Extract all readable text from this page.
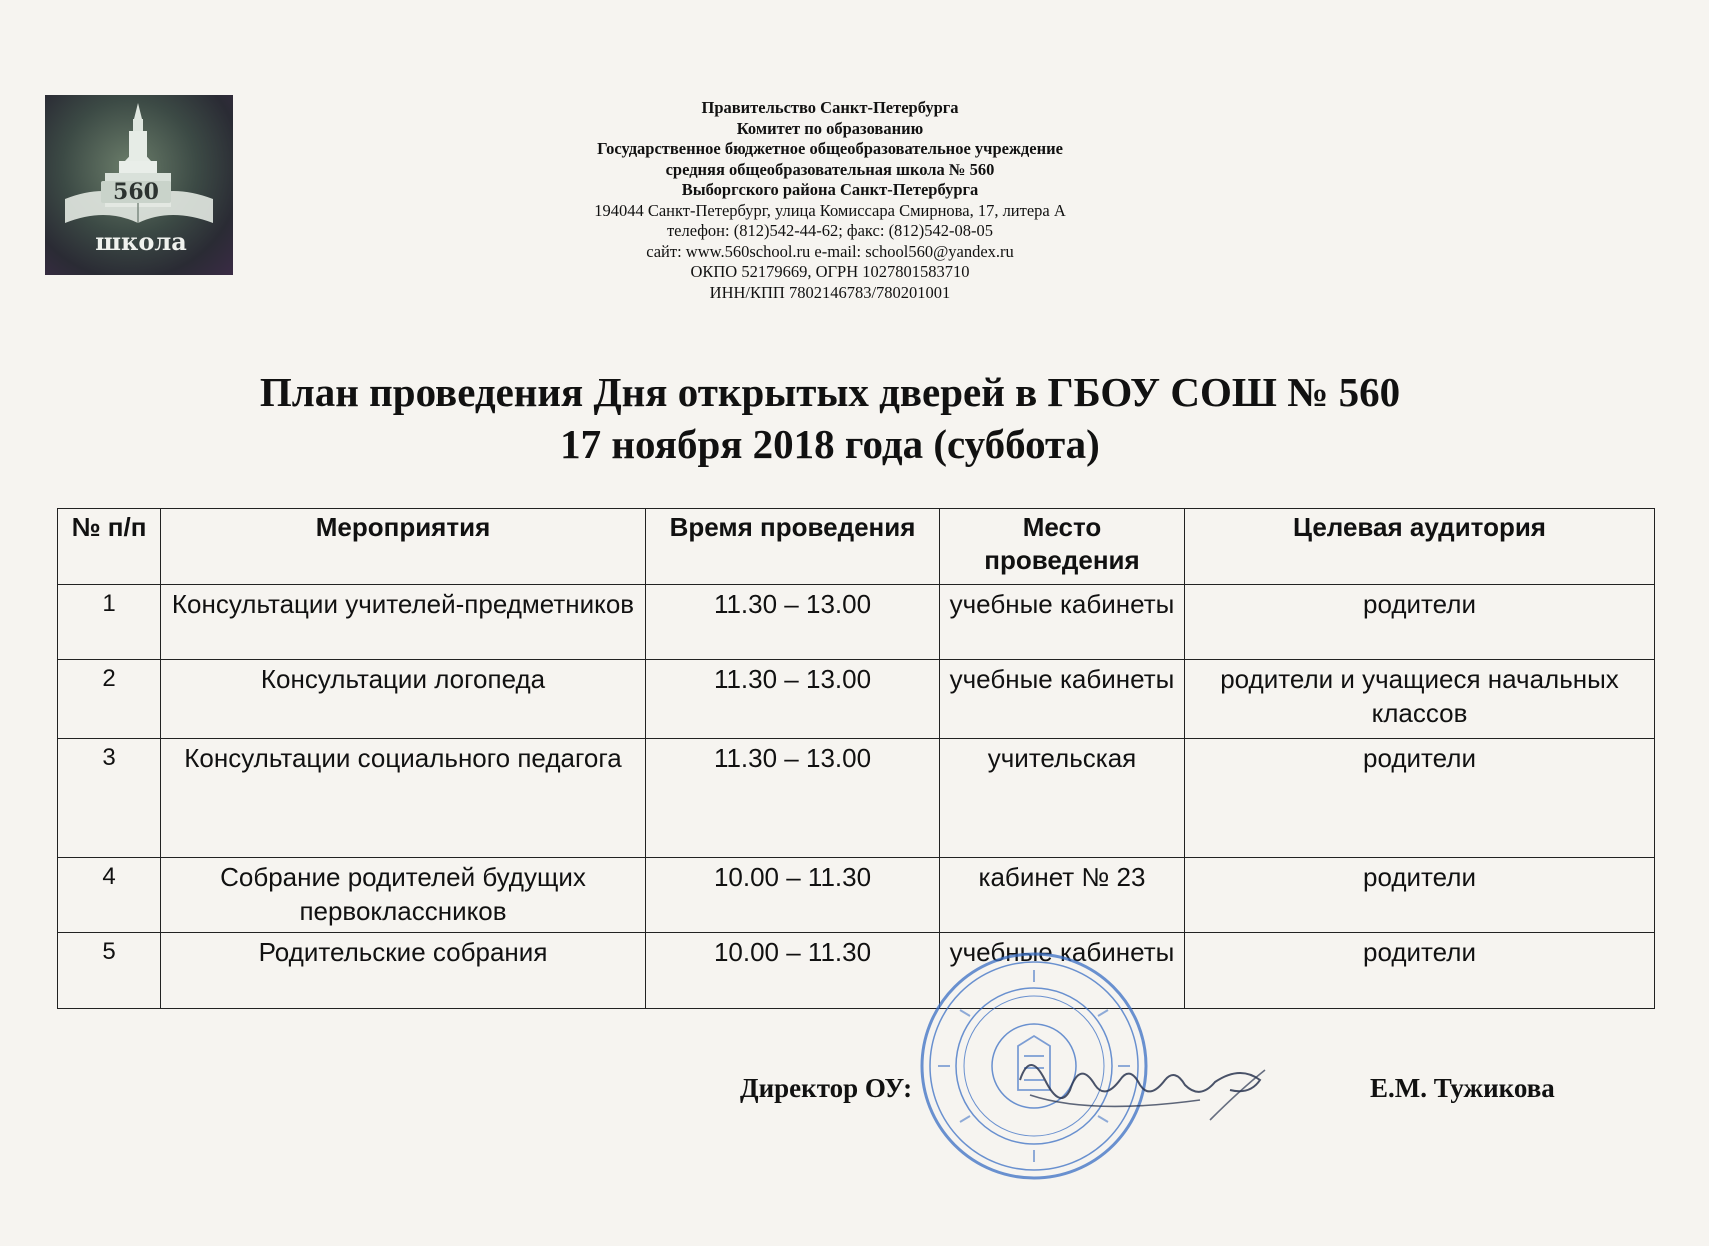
560
школа
Правительство Санкт-Петербурга
Комитет по образованию
Государственное бюджетное общеобразовательное учреждение
средняя общеобразовательная школа № 560
Выборгского района Санкт-Петербурга
194044 Санкт-Петербург, улица Комиссара Смирнова, 17, литера А
телефон: (812)542-44-62; факс: (812)542-08-05
сайт: www.560school.ru e-mail: school560@yandex.ru
ОКПО 52179669, ОГРН 1027801583710
ИНН/КПП 7802146783/780201001
План проведения Дня открытых дверей в ГБОУ СОШ № 560
17 ноября 2018 года (суббота)
№ п/п	Мероприятия	Время проведения	Место проведения	Целевая аудитория
1	Консультации учителей-предметников	11.30 – 13.00	учебные кабинеты	родители
2	Консультации логопеда	11.30 – 13.00	учебные кабинеты	родители и учащиеся начальных классов
3	Консультации социального педагога	11.30 – 13.00	учительская	родители
4	Собрание родителей будущих первоклассников	10.00 – 11.30	кабинет № 23	родители
5	Родительские собрания	10.00 – 11.30	учебные кабинеты	родители
Директор ОУ:	Е.М. Тужикова
